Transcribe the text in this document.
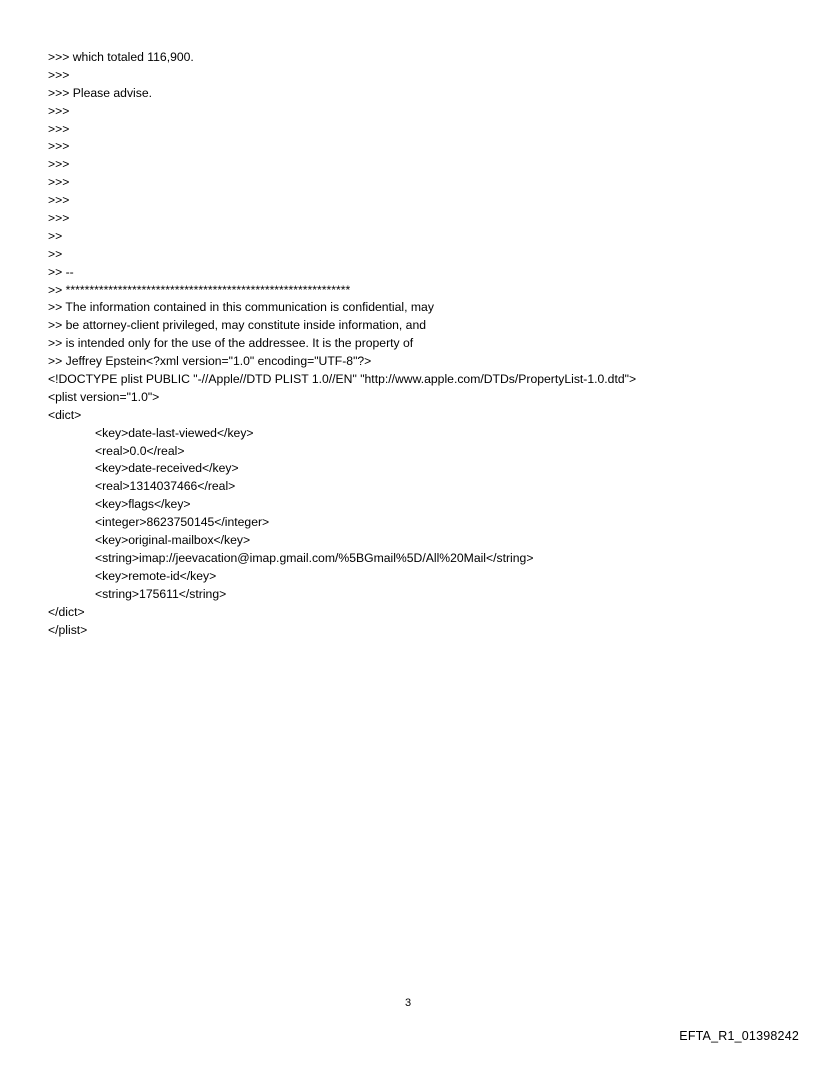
>>> which totaled 116,900.
>>>
>>> Please advise.
>>>
>>>
>>>
>>>
>>>
>>>
>>>
>>
>>
>> --
>> ************************************************************
>> The information contained in this communication is confidential, may
>> be attorney-client privileged, may constitute inside information, and
>> is intended only for the use of the addressee. It is the property of
>> Jeffrey Epstein<?xml version="1.0" encoding="UTF-8"?>
<!DOCTYPE plist PUBLIC "-//Apple//DTD PLIST 1.0//EN" "http://www.apple.com/DTDs/PropertyList-1.0.dtd">
<plist version="1.0">
<dict>
<key>date-last-viewed</key>
<real>0.0</real>
<key>date-received</key>
<real>1314037466</real>
<key>flags</key>
<integer>8623750145</integer>
<key>original-mailbox</key>
<string>imap://jeevacation@imap.gmail.com/%5BGmail%5D/All%20Mail</string>
<key>remote-id</key>
<string>175611</string>
</dict>
</plist>
3
EFTA_R1_01398242
